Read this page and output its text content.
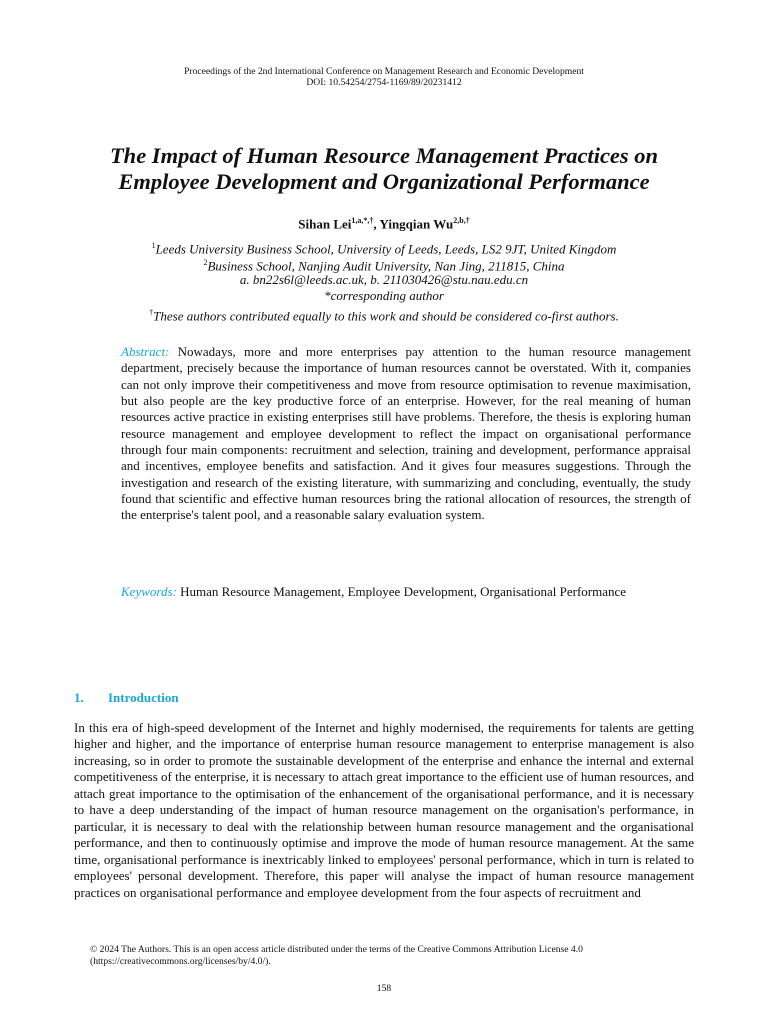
Proceedings of the 2nd International Conference on Management Research and Economic Development
DOI: 10.54254/2754-1169/89/20231412
The Impact of Human Resource Management Practices on
Employee Development and Organizational Performance
Sihan Lei$^{1,a,*,\dagger}$, Yingqian $Wu^{2,b,\dagger}$
$^1$Leeds University Business School, University of Leeds, Leeds, LS2 9JT, United Kingdom
$^2$Business School, Nanjing Audit University, Nan Jing, 211815, China
a. bn22s6l@leeds.ac.uk, b. 211030426@stu.nau.edu.cn
*corresponding author
†These authors contributed equally to this work and should be considered co-first authors.
Abstract: Nowadays, more and more enterprises pay attention to the human resource management department, precisely because the importance of human resources cannot be overstated. With it, companies can not only improve their competitiveness and move from resource optimisation to revenue maximisation, but also people are the key productive force of an enterprise. However, for the real meaning of human resources active practice in existing enterprises still have problems. Therefore, the thesis is exploring human resource management and employee development to reflect the impact on organisational performance through four main components: recruitment and selection, training and development, performance appraisal and incentives, employee benefits and satisfaction. And it gives four measures suggestions. Through the investigation and research of the existing literature, with summarizing and concluding, eventually, the study found that scientific and effective human resources bring the rational allocation of resources, the strength of the enterprise's talent pool, and a reasonable salary evaluation system.
Keywords: Human Resource Management, Employee Development, Organisational Performance
1. Introduction
In this era of high-speed development of the Internet and highly modernised, the requirements for talents are getting higher and higher, and the importance of enterprise human resource management to enterprise management is also increasing, so in order to promote the sustainable development of the enterprise and enhance the internal and external competitiveness of the enterprise, it is necessary to attach great importance to the efficient use of human resources, and attach great importance to the optimisation of the enhancement of the organisational performance, and it is necessary to have a deep understanding of the impact of human resource management on the organisation's performance, in particular, it is necessary to deal with the relationship between human resource management and the organisational performance, and then to continuously optimise and improve the mode of human resource management. At the same time, organisational performance is inextricably linked to employees' personal performance, which in turn is related to employees' personal development. Therefore, this paper will analyse the impact of human resource management practices on organisational performance and employee development from the four aspects of recruitment and
© 2024 The Authors. This is an open access article distributed under the terms of the Creative Commons Attribution License 4.0
(https://creativecommons.org/licenses/by/4.0/).
158
